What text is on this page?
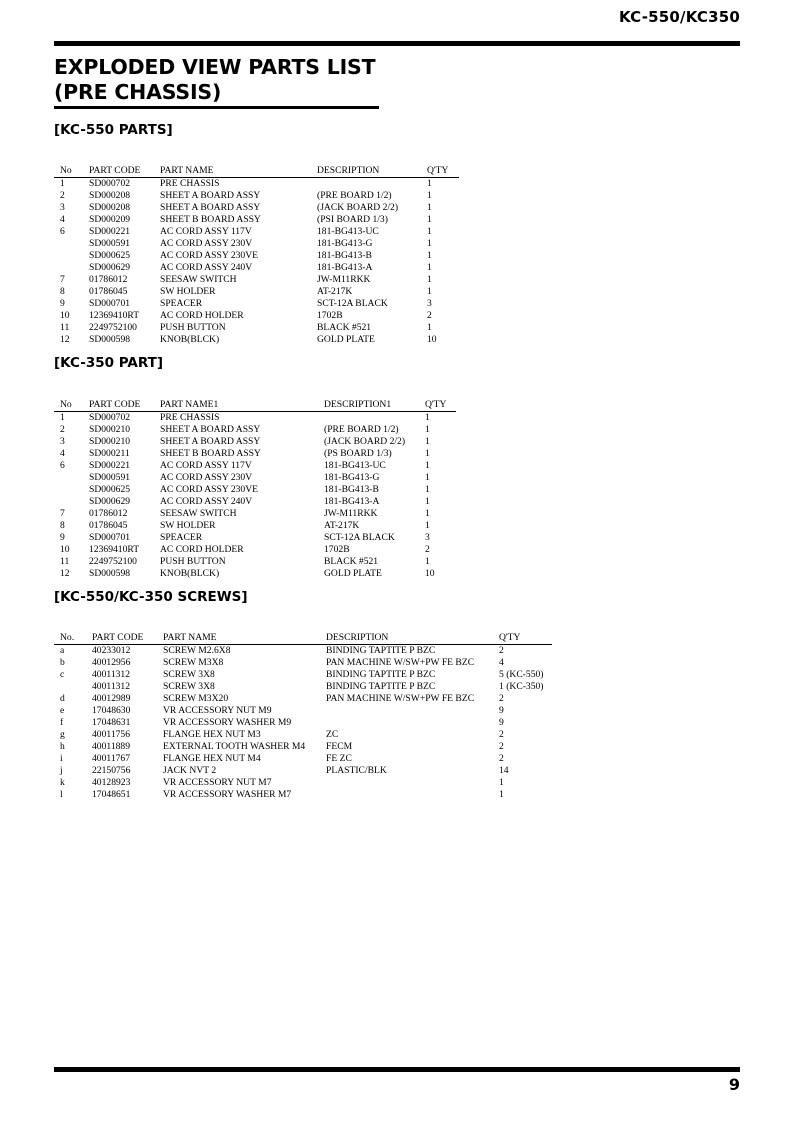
KC-550/KC350
EXPLODED VIEW PARTS LIST
(PRE CHASSIS)
[KC-550 PARTS]
No	PART CODE	PART NAME	DESCRIPTION	Q'TY
1	SD000702	PRE CHASSIS		1
2	SD000208	SHEET A BOARD ASSY	(PRE BOARD 1/2)	1
3	SD000208	SHEET A BOARD ASSY	(JACK BOARD 2/2)	1
4	SD000209	SHEET B BOARD ASSY	(PSI BOARD 1/3)	1
6	SD000221	AC CORD ASSY 117V	181-BG413-UC	1
	SD000591	AC CORD ASSY 230V	181-BG413-G	1
	SD000625	AC CORD ASSY 230VE	181-BG413-B	1
	SD000629	AC CORD ASSY 240V	181-BG413-A	1
7	01786012	SEESAW SWITCH	JW-M11RKK	1
8	01786045	SW HOLDER	AT-217K	1
9	SD000701	SPEACER	SCT-12A BLACK	3
10	12369410RT	AC CORD HOLDER	1702B	2
11	2249752100	PUSH BUTTON	BLACK #521	1
12	SD000598	KNOB(BLCK)	GOLD PLATE	10
[KC-350 PART]
No	PART CODE	PART NAME1	DESCRIPTION1	Q'TY
1	SD000702	PRE CHASSIS		1
2	SD000210	SHEET A BOARD ASSY	(PRE BOARD 1/2)	1
3	SD000210	SHEET A BOARD ASSY	(JACK BOARD 2/2)	1
4	SD000211	SHEET B BOARD ASSY	(PS BOARD 1/3)	1
6	SD000221	AC CORD ASSY 117V	181-BG413-UC	1
	SD000591	AC CORD ASSY 230V	181-BG413-G	1
	SD000625	AC CORD ASSY 230VE	181-BG413-B	1
	SD000629	AC CORD ASSY 240V	181-BG413-A	1
7	01786012	SEESAW SWITCH	JW-M11RKK	1
8	01786045	SW HOLDER	AT-217K	1
9	SD000701	SPEACER	SCT-12A BLACK	3
10	12369410RT	AC CORD HOLDER	1702B	2
11	2249752100	PUSH BUTTON	BLACK #521	1
12	SD000598	KNOB(BLCK)	GOLD PLATE	10
[KC-550/KC-350 SCREWS]
No.	PART CODE	PART NAME	DESCRIPTION	Q'TY
a	40233012	SCREW M2.6X8	BINDING TAPTITE P BZC	2
b	40012956	SCREW M3X8	PAN MACHINE W/SW+PW FE BZC	4
c	40011312	SCREW 3X8	BINDING TAPTITE P BZC	5 (KC-550)
	40011312	SCREW 3X8	BINDING TAPTITE P BZC	1 (KC-350)
d	40012989	SCREW M3X20	PAN MACHINE W/SW+PW FE BZC	2
e	17048630	VR ACCESSORY NUT M9		9
f	17048631	VR ACCESSORY WASHER M9		9
g	40011756	FLANGE HEX NUT M3	ZC	2
h	40011889	EXTERNAL TOOTH WASHER M4	FECM	2
i	40011767	FLANGE HEX NUT M4	FE ZC	2
j	22150756	JACK NVT 2	PLASTIC/BLK	14
k	40128923	VR ACCESSORY NUT M7		1
l	17048651	VR ACCESSORY WASHER M7		1
9
